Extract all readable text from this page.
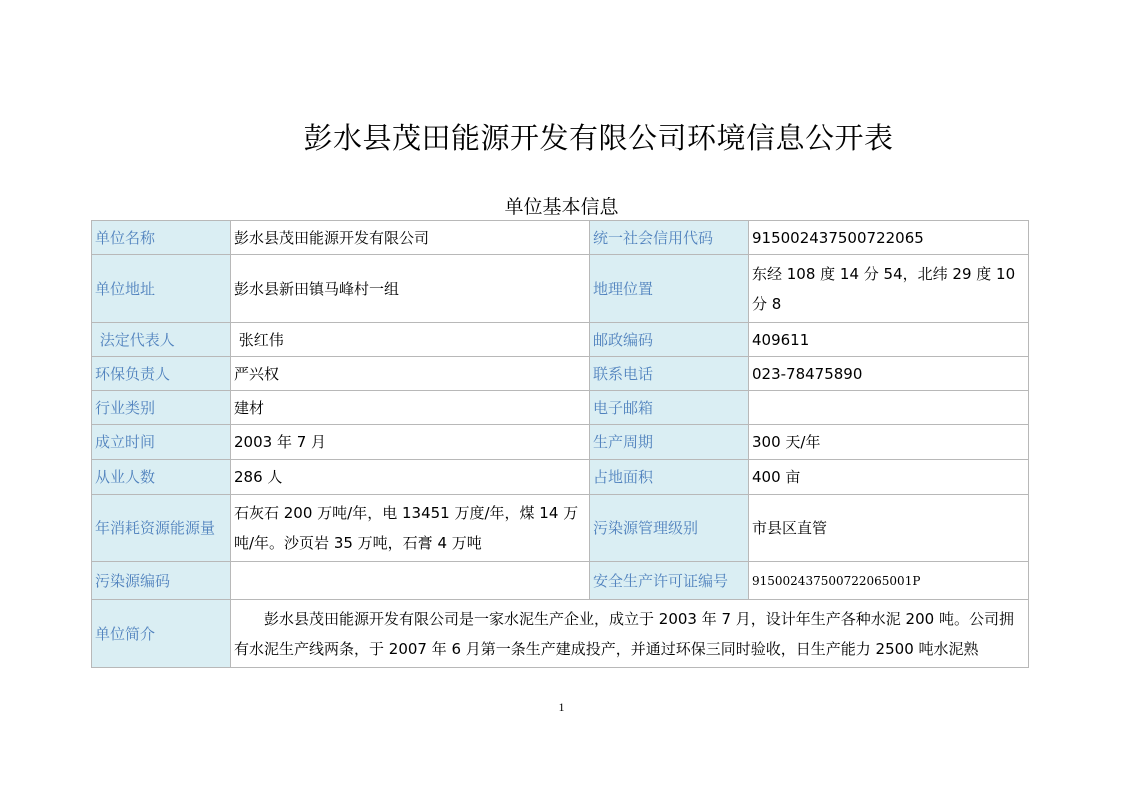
彭水县茂田能源开发有限公司环境信息公开表
单位基本信息
单位名称	彭水县茂田能源开发有限公司	统一社会信用代码	915002437500722065
单位地址	彭水县新田镇马峰村一组	地理位置	东经 108 度 14 分 54，北纬 29 度 10 分 8
法定代表人	张红伟	邮政编码	409611
环保负责人	严兴权	联系电话	023-78475890
行业类别	建材	电子邮箱	
成立时间	2003 年 7 月	生产周期	300 天/年
从业人数	286 人	占地面积	400 亩
年消耗资源能源量	石灰石 200 万吨/年，电 13451 万度/年，煤 14 万吨/年。沙页岩 35 万吨，石膏 4 万吨	污染源管理级别	市县区直管
污染源编码		安全生产许可证编号	915002437500722065001P
单位简介	彭水县茂田能源开发有限公司是一家水泥生产企业，成立于 2003 年 7 月，设计年生产各种水泥 200 吨。公司拥有水泥生产线两条，于 2007 年 6 月第一条生产建成投产，并通过环保三同时验收，日生产能力 2500 吨水泥熟		
1
